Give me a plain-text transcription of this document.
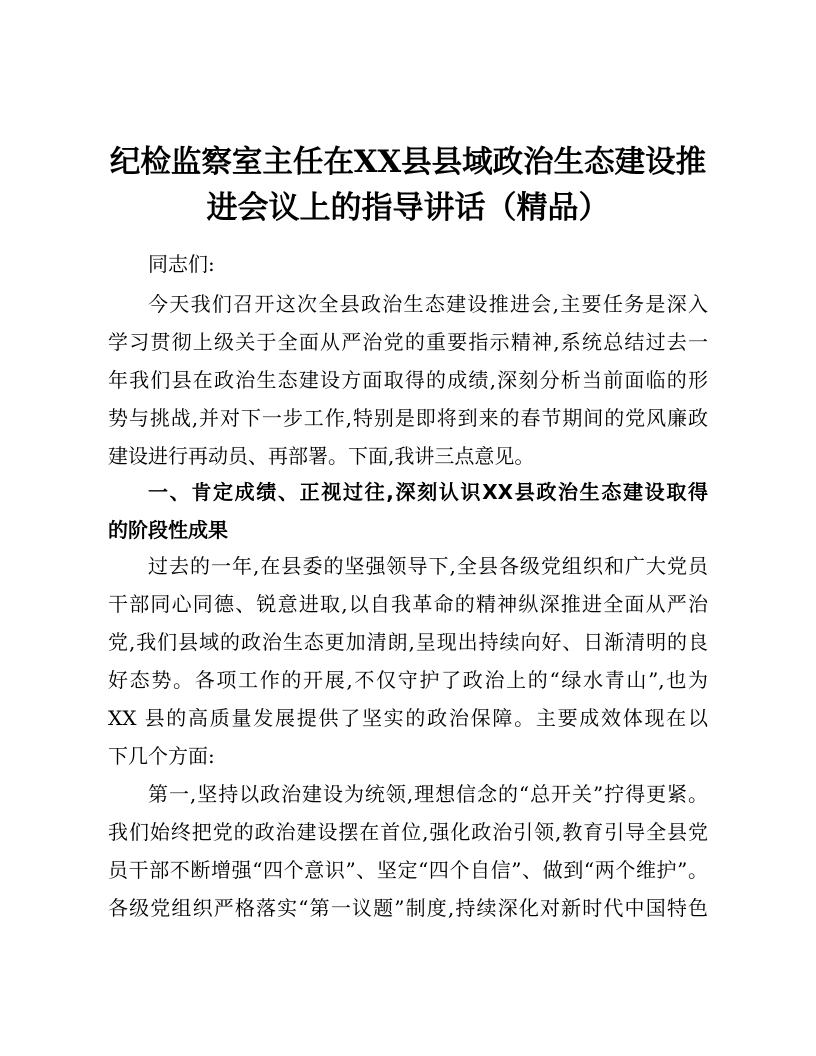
纪检监察室主任在XX县县域政治生态建设推
进会议上的指导讲话（精品）
同志们:
今天我们召开这次全县政治生态建设推进会,主要任务是深入
学习贯彻上级关于全面从严治党的重要指示精神,系统总结过去一
年我们县在政治生态建设方面取得的成绩,深刻分析当前面临的形
势与挑战,并对下一步工作,特别是即将到来的春节期间的党风廉政
建设进行再动员、再部署。下面,我讲三点意见。
一、肯定成绩、正视过往,深刻认识XX县政治生态建设取得
的阶段性成果
过去的一年,在县委的坚强领导下,全县各级党组织和广大党员
干部同心同德、锐意进取,以自我革命的精神纵深推进全面从严治
党,我们县域的政治生态更加清朗,呈现出持续向好、日渐清明的良
好态势。各项工作的开展,不仅守护了政治上的“绿水青山”,也为
XX 县的高质量发展提供了坚实的政治保障。主要成效体现在以
下几个方面:
第一,坚持以政治建设为统领,理想信念的“总开关”拧得更紧。
我们始终把党的政治建设摆在首位,强化政治引领,教育引导全县党
员干部不断增强“四个意识”、坚定“四个自信”、做到“两个维护”。
各级党组织严格落实“第一议题”制度,持续深化对新时代中国特色
